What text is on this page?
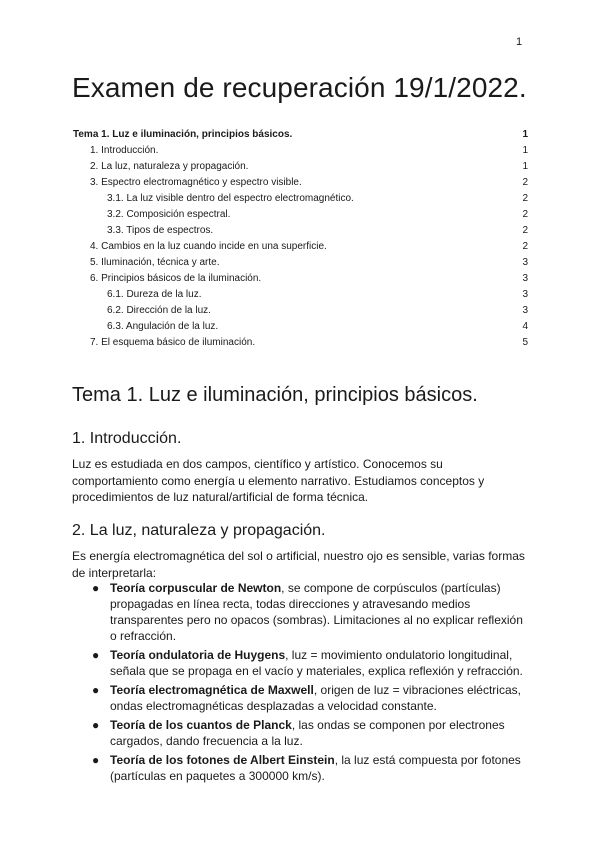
1
Examen de recuperación 19/1/2022.
Tema 1. Luz e iluminación, principios básicos.	1
1. Introducción.	1
2. La luz, naturaleza y propagación.	1
3. Espectro electromagnético y espectro visible.	2
3.1. La luz visible dentro del espectro electromagnético.	2
3.2. Composición espectral.	2
3.3. Tipos de espectros.	2
4. Cambios en la luz cuando incide en una superficie.	2
5. Iluminación, técnica y arte.	3
6. Principios básicos de la iluminación.	3
6.1. Dureza de la luz.	3
6.2. Dirección de la luz.	3
6.3. Angulación de la luz.	4
7. El esquema básico de iluminación.	5
Tema 1. Luz e iluminación, principios básicos.
1. Introducción.

Luz es estudiada en dos campos, científico y artístico. Conocemos su comportamiento como energía u elemento narrativo. Estudiamos conceptos y procedimientos de luz natural/artificial de forma técnica.

2. La luz, naturaleza y propagación.

Es energía electromagnética del sol o artificial, nuestro ojo es sensible, varias formas de interpretarla:

● Teoría corpuscular de Newton, se compone de corpúsculos (partículas) propagadas en línea recta, todas direcciones y atravesando medios transparentes pero no opacos (sombras). Limitaciones al no explicar reflexión o refracción.
● Teoría ondulatoria de Huygens, luz = movimiento ondulatorio longitudinal, señala que se propaga en el vacío y materiales, explica reflexión y refracción.
● Teoría electromagnética de Maxwell, origen de luz = vibraciones eléctricas, ondas electromagnéticas desplazadas a velocidad constante.
● Teoría de los cuantos de Planck, las ondas se componen por electrones cargados, dando frecuencia a la luz.
● Teoría de los fotones de Albert Einstein, la luz está compuesta por fotones (partículas en paquetes a 300000 km/s).
